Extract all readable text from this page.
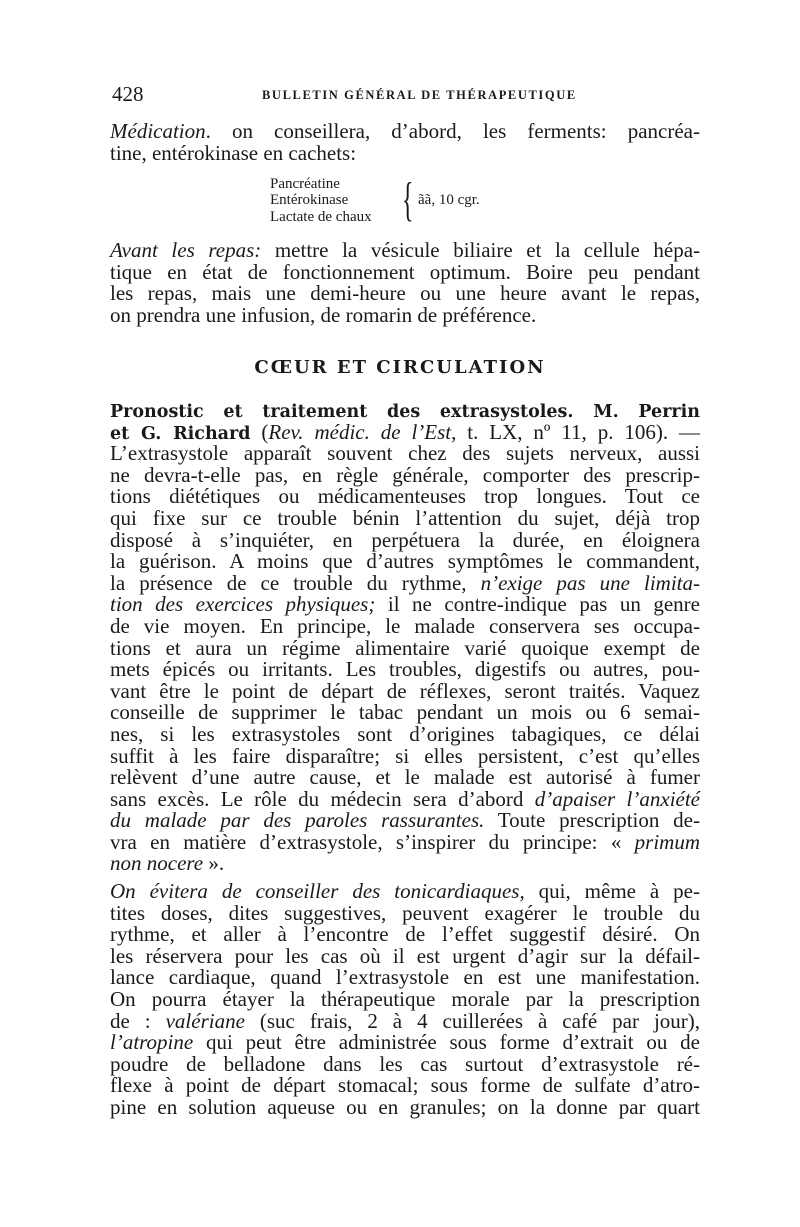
428	BULLETIN GÉNÉRAL DE THÉRAPEUTIQUE
Médication. on conseillera, d’abord, les ferments: pancréa-
tine, entérokinase en cachets:
Pancréatine
Entérokinase
Lactate de chaux { ãã, 10 cgr.
Avant les repas: mettre la vésicule biliaire et la cellule hépa-
tique en état de fonctionnement optimum. Boire peu pendant
les repas, mais une demi-heure ou une heure avant le repas,
on prendra une infusion, de romarin de préférence.
CŒUR ET CIRCULATION
Pronostic et traitement des extrasystoles. M. Perrin
et G. Richard (Rev. médic. de l’Est, t. LX, nº 11, p. 106). —
L’extrasystole apparaît souvent chez des sujets nerveux, aussi
ne devra-t-elle pas, en règle générale, comporter des prescrip-
tions diététiques ou médicamenteuses trop longues. Tout ce
qui fixe sur ce trouble bénin l’attention du sujet, déjà trop
disposé à s’inquiéter, en perpétuera la durée, en éloignera
la guérison. A moins que d’autres symptômes le commandent,
la présence de ce trouble du rythme, n’exige pas une limita-
tion des exercices physiques; il ne contre-indique pas un genre
de vie moyen. En principe, le malade conservera ses occupa-
tions et aura un régime alimentaire varié quoique exempt de
mets épicés ou irritants. Les troubles, digestifs ou autres, pou-
vant être le point de départ de réflexes, seront traités. Vaquez
conseille de supprimer le tabac pendant un mois ou 6 semai-
nes, si les extrasystoles sont d’origines tabagiques, ce délai
suffit à les faire disparaître; si elles persistent, c’est qu’elles
relèvent d’une autre cause, et le malade est autorisé à fumer
sans excès. Le rôle du médecin sera d’abord d’apaiser l’anxiété
du malade par des paroles rassurantes. Toute prescription de-
vra en matière d’extrasystole, s’inspirer du principe: « primum
non nocere ».
On évitera de conseiller des tonicardiaques, qui, même à pe-
tites doses, dites suggestives, peuvent exagérer le trouble du
rythme, et aller à l’encontre de l’effet suggestif désiré. On
les réservera pour les cas où il est urgent d’agir sur la défail-
lance cardiaque, quand l’extrasystole en est une manifestation.
On pourra étayer la thérapeutique morale par la prescription
de : valériane (suc frais, 2 à 4 cuillerées à café par jour),
l’atropine qui peut être administrée sous forme d’extrait ou de
poudre de belladone dans les cas surtout d’extrasystole ré-
flexe à point de départ stomacal; sous forme de sulfate d’atro-
pine en solution aqueuse ou en granules; on la donne par quart
